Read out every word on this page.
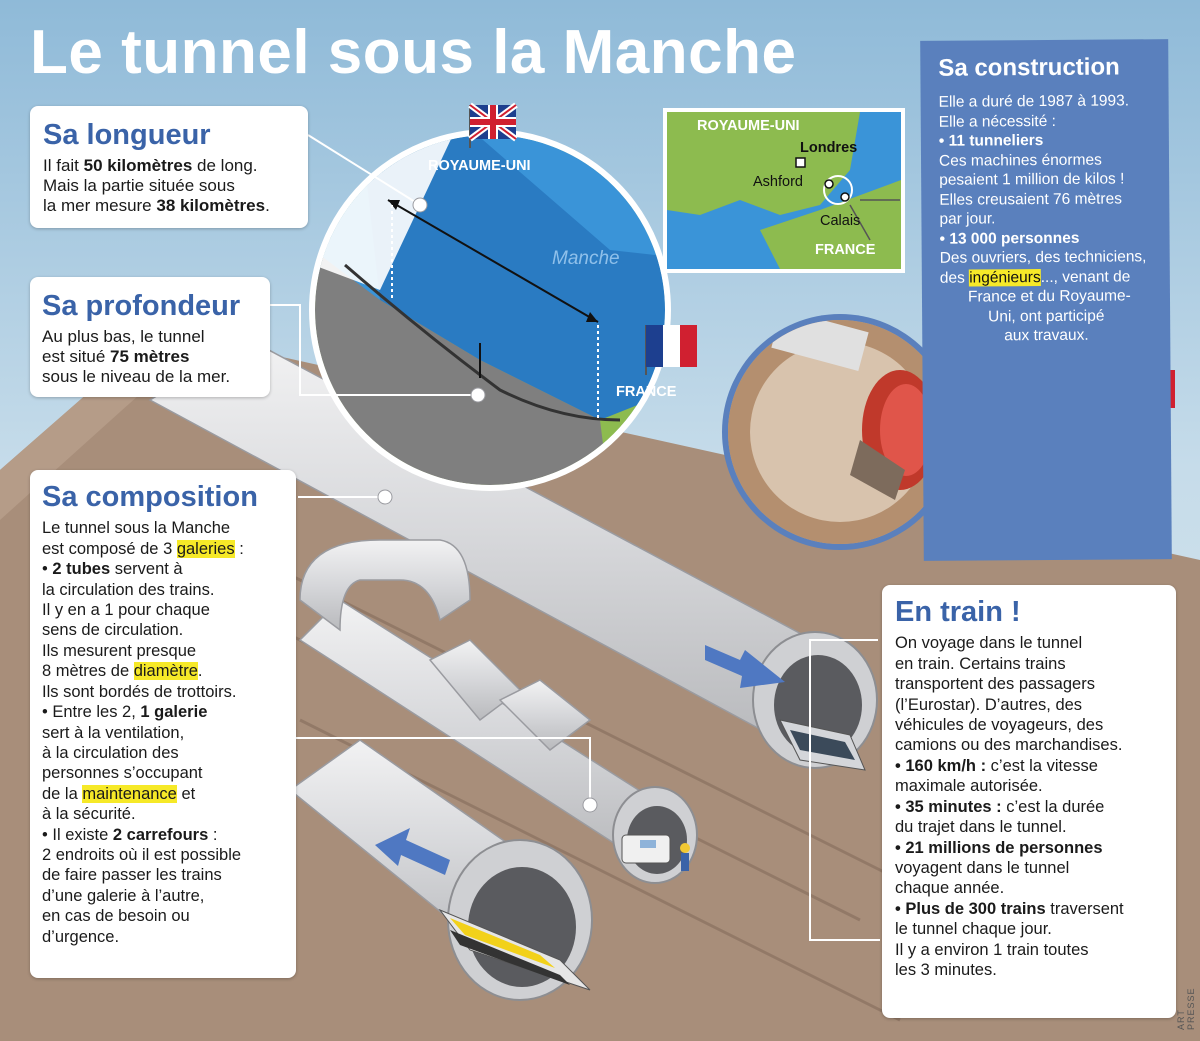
Le tunnel sous la Manche
ROYAUME-UNI
Londres
Ashford
Calais
FRANCE
ROYAUME-UNI
Manche
FRANCE
Sa longueur

Il fait 50 kilomètres de long.
Mais la partie située sous
la mer mesure 38 kilomètres.

Sa profondeur

Au plus bas, le tunnel
est situé 75 mètres
sous le niveau de la mer.

Sa composition

Le tunnel sous la Manche
est composé de 3 galeries :
• 2 tubes servent à
la circulation des trains.
Il y en a 1 pour chaque
sens de circulation.
Ils mesurent presque
8 mètres de diamètre.
Ils sont bordés de trottoirs.
• Entre les 2, 1 galerie
sert à la ventilation,
à la circulation des
personnes s’occupant
de la maintenance et
à la sécurité.
• Il existe 2 carrefours :
2 endroits où il est possible
de faire passer les trains
d’une galerie à l’autre,
en cas de besoin ou
d’urgence.

Sa construction

Elle a duré de 1987 à 1993.
Elle a nécessité :
• 11 tunneliers
Ces machines énormes
pesaient 1 million de kilos !
Elles creusaient 76 mètres
par jour.
• 13 000 personnes
Des ouvriers, des techniciens,
des ingénieurs..., venant de
France et du Royaume-
Uni, ont participé
aux travaux.

En train !

On voyage dans le tunnel
en train. Certains trains
transportent des passagers
(l’Eurostar). D’autres, des
véhicules de voyageurs, des
camions ou des marchandises.
• 160 km/h : c’est la vitesse
maximale autorisée.
• 35 minutes : c’est la durée
du trajet dans le tunnel.
• 21 millions de personnes
voyagent dans le tunnel
chaque année.
• Plus de 300 trains traversent
le tunnel chaque jour.
Il y a environ 1 train toutes
les 3 minutes.

ART PRESSE
